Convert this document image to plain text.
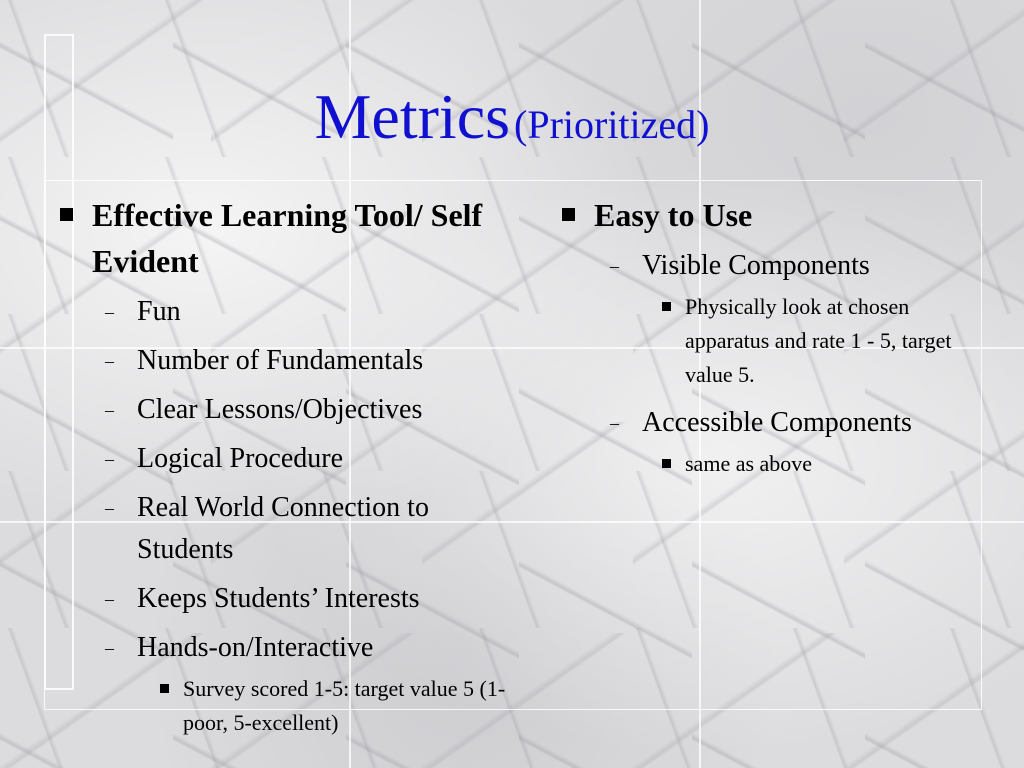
Metrics (Prioritized)
Effective Learning Tool/ Self Evident
– Fun
– Number of Fundamentals
– Clear Lessons/Objectives
– Logical Procedure
– Real World Connection to Students
– Keeps Students’ Interests
– Hands-on/Interactive
Survey scored 1-5: target value 5 (1-poor, 5-excellent)
Easy to Use
– Visible Components
Physically look at chosen apparatus and rate 1 - 5, target value 5.
– Accessible Components
same as above
